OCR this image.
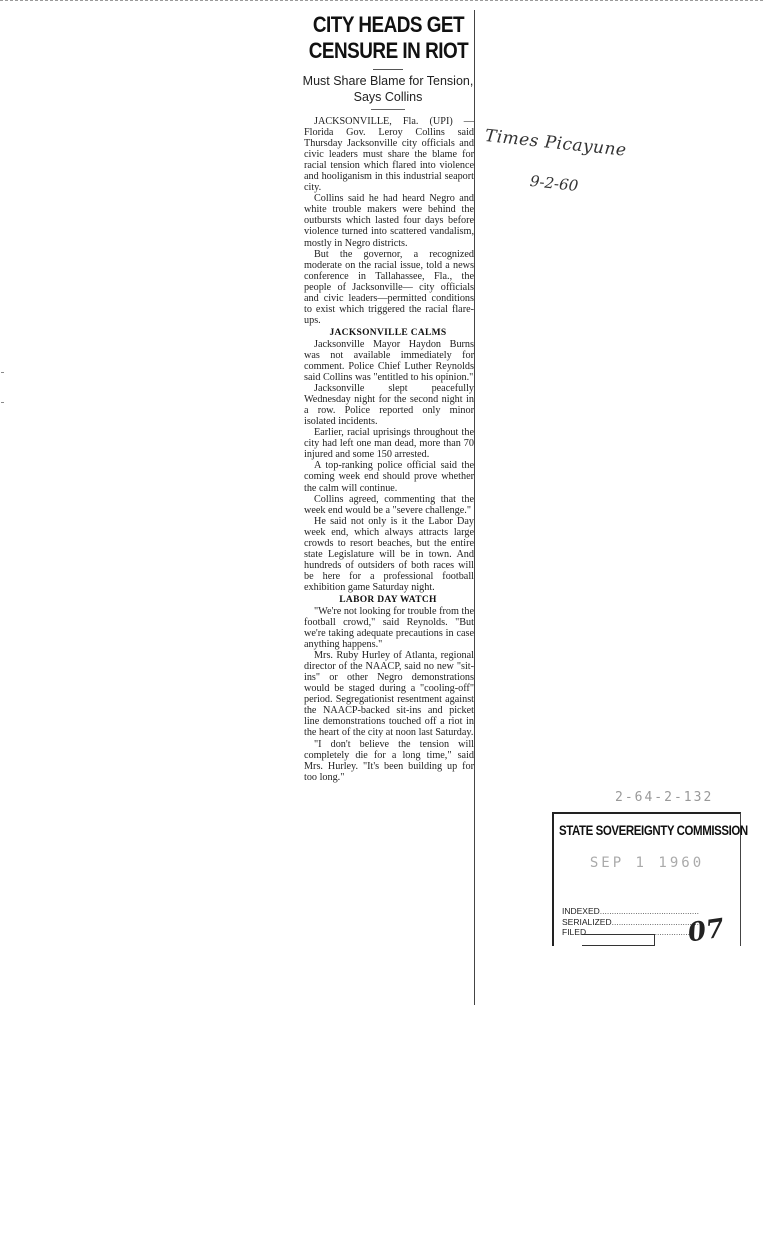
CITY HEADS GET CENSURE IN RIOT
Must Share Blame for Tension, Says Collins

JACKSONVILLE, Fla. (UPI) —Florida Gov. Leroy Collins said Thursday Jacksonville city officials and civic leaders must share the blame for racial tension which flared into violence and hooliganism in this industrial seaport city.

Collins said he had heard Negro and white trouble makers were behind the outbursts which lasted four days before violence turned into scattered vandalism, mostly in Negro districts.

But the governor, a recognized moderate on the racial issue, told a news conference in Tallahassee, Fla., the people of Jacksonville— city officials and civic leaders—permitted conditions to exist which triggered the racial flare-ups.

JACKSONVILLE CALMS

Jacksonville Mayor Haydon Burns was not available immediately for comment. Police Chief Luther Reynolds said Collins was "entitled to his opinion."

Jacksonville slept peacefully Wednesday night for the second night in a row. Police reported only minor isolated incidents.

Earlier, racial uprisings throughout the city had left one man dead, more than 70 injured and some 150 arrested.

A top-ranking police official said the coming week end should prove whether the calm will continue.

Collins agreed, commenting that the week end would be a "severe challenge."

He said not only is it the Labor Day week end, which always attracts large crowds to resort beaches, but the entire state Legislature will be in town. And hundreds of outsiders of both races will be here for a professional football exhibition game Saturday night.

LABOR DAY WATCH

"We're not looking for trouble from the football crowd," said Reynolds. "But we're taking adequate precautions in case anything happens."

Mrs. Ruby Hurley of Atlanta, regional director of the NAACP, said no new "sit-ins" or other Negro demonstrations would be staged during a "cooling-off" period. Segregationist resentment against the NAACP-backed sit-ins and picket line demonstrations touched off a riot in the heart of the city at noon last Saturday.

"I don't believe the tension will completely die for a long time," said Mrs. Hurley. "It's been building up for too long."

Times Picayune
9-2-60
2-64-2-132
STATE SOVEREIGNTY COMMISSION
SEP 1 1960
INDEXED..........................................
SERIALIZED......................................
FILED..............................................
07
